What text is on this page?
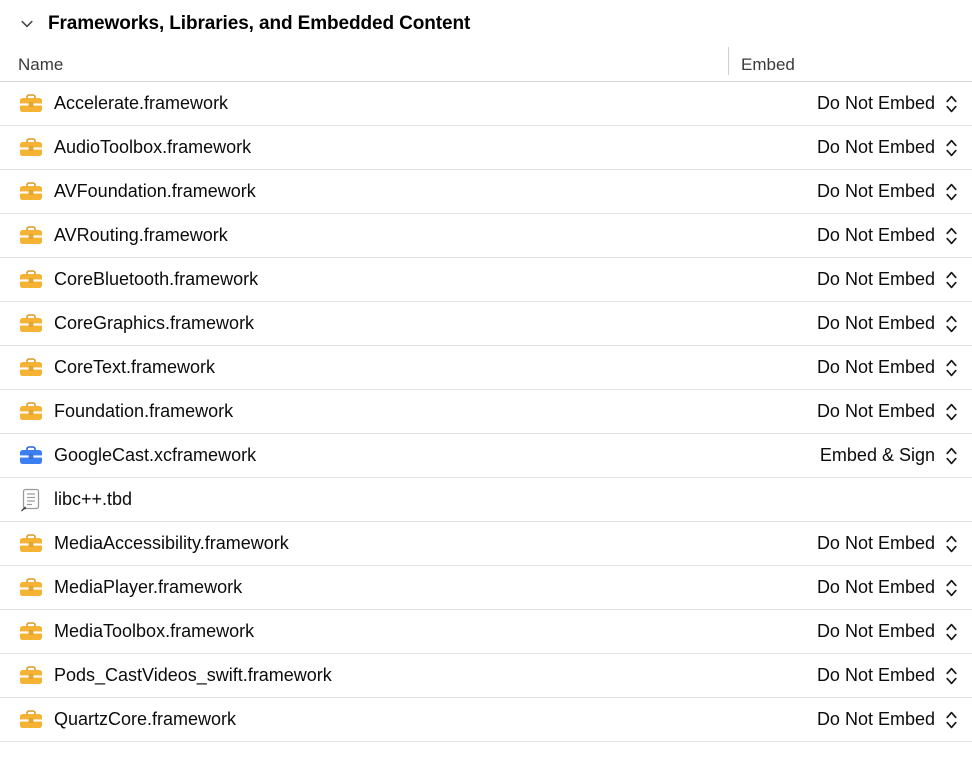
Frameworks, Libraries, and Embedded Content
Name	Embed
Accelerate.framework	Do Not Embed
AudioToolbox.framework	Do Not Embed
AVFoundation.framework	Do Not Embed
AVRouting.framework	Do Not Embed
CoreBluetooth.framework	Do Not Embed
CoreGraphics.framework	Do Not Embed
CoreText.framework	Do Not Embed
Foundation.framework	Do Not Embed
GoogleCast.xcframework	Embed & Sign
libc++.tbd
MediaAccessibility.framework	Do Not Embed
MediaPlayer.framework	Do Not Embed
MediaToolbox.framework	Do Not Embed
Pods_CastVideos_swift.framework	Do Not Embed
QuartzCore.framework	Do Not Embed
